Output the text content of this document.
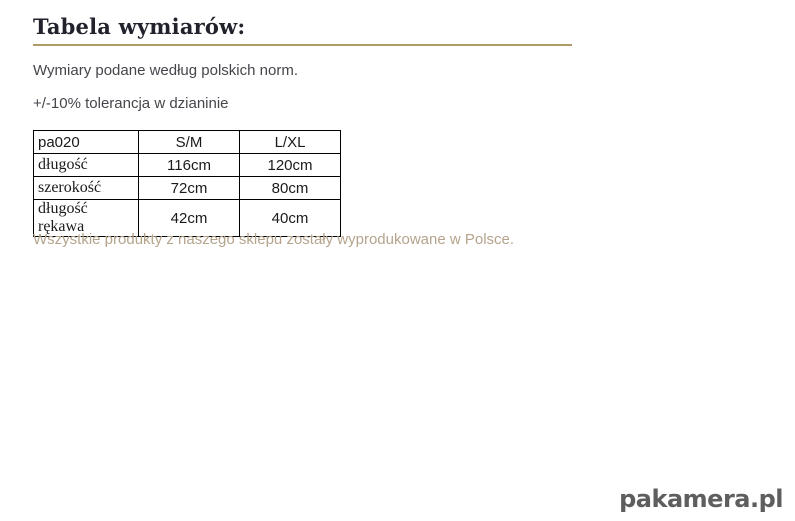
Tabela wymiarów:

Wymiary podane według polskich norm.

+/-10% tolerancja w dzianinie

pa020	S/M	L/XL
długość	116cm	120cm
szerokość	72cm	80cm
długość rękawa	42cm	40cm

Wszystkie produkty z naszego sklepu zostały wyprodukowane w Polsce.

pakamera.pl
